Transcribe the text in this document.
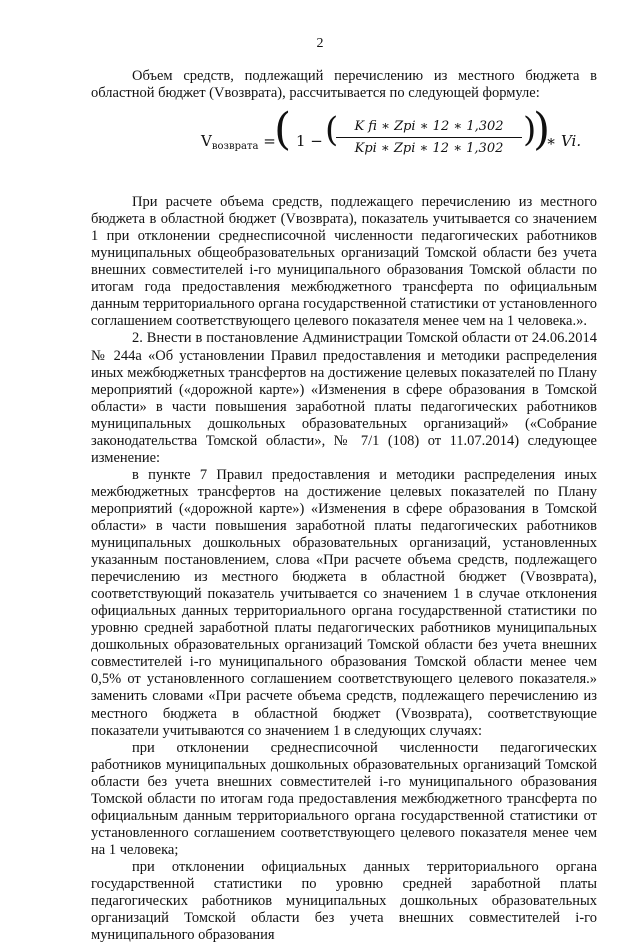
2

Объем средств, подлежащий перечислению из местного бюджета в областной бюджет (Vвозврата), рассчитывается по следующей формуле:

$V_{возврата}$ =
( 1 − (	K fi ∗ Zpi ∗ 12 ∗ 1,302
Kpi ∗ Zpi ∗ 12 ∗ 1,302 )
)
∗ Vi.

При расчете объема средств, подлежащего перечислению из местного бюджета в областной бюджет (Vвозврата), показатель учитывается со значением 1 при отклонении среднесписочной численности педагогических работников муниципальных общеобразовательных организаций Томской области без учета внешних совместителей i-го муниципального образования Томской области по итогам года предоставления межбюджетного трансферта по официальным данным территориального органа государственной статистики от установленного соглашением соответствующего целевого показателя менее чем на 1 человека.».

2. Внести в постановление Администрации Томской области от 24.06.2014 № 244а «Об установлении Правил предоставления и методики распределения иных межбюджетных трансфертов на достижение целевых показателей по Плану мероприятий («дорожной карте») «Изменения в сфере образования в Томской области» в части повышения заработной платы педагогических работников муниципальных дошкольных образовательных организаций» («Собрание законодательства Томской области», № 7/1 (108) от 11.07.2014) следующее изменение:

в пункте 7 Правил предоставления и методики распределения иных межбюджетных трансфертов на достижение целевых показателей по Плану мероприятий («дорожной карте») «Изменения в сфере образования в Томской области» в части повышения заработной платы педагогических работников муниципальных дошкольных образовательных организаций, установленных указанным постановлением, слова «При расчете объема средств, подлежащего перечислению из местного бюджета в областной бюджет (Vвозврата), соответствующий показатель учитывается со значением 1 в случае отклонения официальных данных территориального органа государственной статистики по уровню средней заработной платы педагогических работников муниципальных дошкольных образовательных организаций Томской области без учета внешних совместителей i-го муниципального образования Томской области менее чем 0,5% от установленного соглашением соответствующего целевого показателя.» заменить словами «При расчете объема средств, подлежащего перечислению из местного бюджета в областной бюджет (Vвозврата), соответствующие показатели учитываются со значением 1 в следующих случаях:

при отклонении среднесписочной численности педагогических работников муниципальных дошкольных образовательных организаций Томской области без учета внешних совместителей i-го муниципального образования Томской области по итогам года предоставления межбюджетного трансферта по официальным данным территориального органа государственной статистики от установленного соглашением соответствующего целевого показателя менее чем на 1 человека;

при отклонении официальных данных территориального органа государственной статистики по уровню средней заработной платы педагогических работников муниципальных дошкольных образовательных организаций Томской области без учета внешних совместителей i-го муниципального образования
